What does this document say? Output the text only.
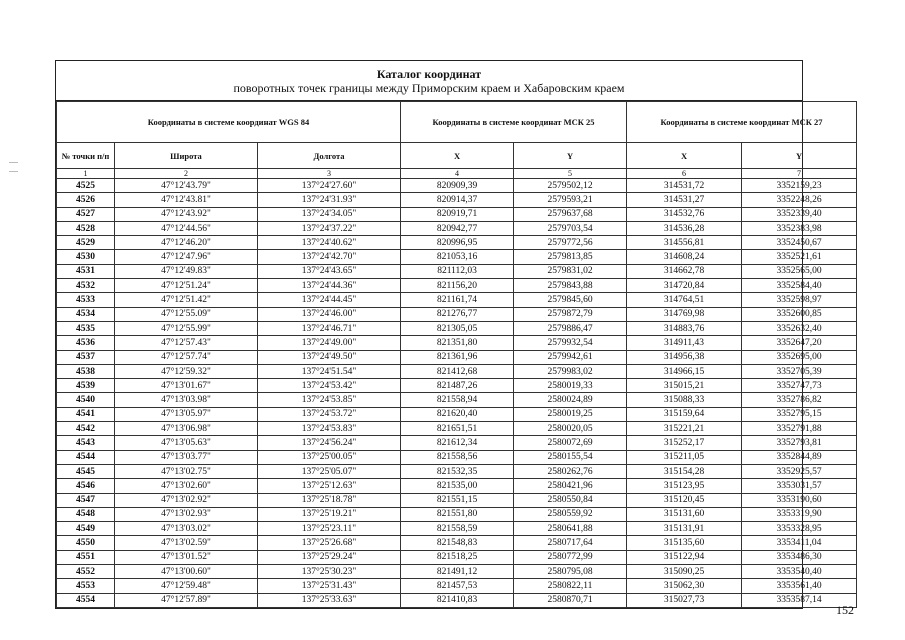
Каталог координат
поворотных точек границы между Приморским краем и Хабаровским краем
Координаты в системе координат WGS 84			Координаты в системе координат МСК 25		Координаты в системе координат МСК 27	
№ точки п/п	Широта	Долгота	X	Y	X	Y
1	2	3	4	5	6	7
4525	47°12'43.79"	137°24'27.60"	820909,39	2579502,12	314531,72	3352159,23
4526	47°12'43.81"	137°24'31.93"	820914,37	2579593,21	314531,27	3352248,26
4527	47°12'43.92"	137°24'34.05"	820919,71	2579637,68	314532,76	3352339,40
4528	47°12'44.56"	137°24'37.22"	820942,77	2579703,54	314536,28	3352383,98
4529	47°12'46.20"	137°24'40.62"	820996,95	2579772,56	314556,81	3352450,67
4530	47°12'47.96"	137°24'42.70"	821053,16	2579813,85	314608,24	3352521,61
4531	47°12'49.83"	137°24'43.65"	821112,03	2579831,02	314662,78	3352565,00
4532	47°12'51.24"	137°24'44.36"	821156,20	2579843,88	314720,84	3352584,40
4533	47°12'51.42"	137°24'44.45"	821161,74	2579845,60	314764,51	3352598,97
4534	47°12'55.09"	137°24'46.00"	821276,77	2579872,79	314769,98	3352600,85
4535	47°12'55.99"	137°24'46.71"	821305,05	2579886,47	314883,76	3352632,40
4536	47°12'57.43"	137°24'49.00"	821351,80	2579932,54	314911,43	3352647,20
4537	47°12'57.74"	137°24'49.50"	821361,96	2579942,61	314956,38	3352695,00
4538	47°12'59.32"	137°24'51.54"	821412,68	2579983,02	314966,15	3352705,39
4539	47°13'01.67"	137°24'53.42"	821487,26	2580019,33	315015,21	3352747,73
4540	47°13'03.98"	137°24'53.85"	821558,94	2580024,89	315088,33	3352786,82
4541	47°13'05.97"	137°24'53.72"	821620,40	2580019,25	315159,64	3352795,15
4542	47°13'06.98"	137°24'53.83"	821651,51	2580020,05	315221,21	3352791,88
4543	47°13'05.63"	137°24'56.24"	821612,34	2580072,69	315252,17	3352793,81
4544	47°13'03.77"	137°25'00.05"	821558,56	2580155,54	315211,05	3352844,89
4545	47°13'02.75"	137°25'05.07"	821532,35	2580262,76	315154,28	3352925,57
4546	47°13'02.60"	137°25'12.63"	821535,00	2580421,96	315123,95	3353031,57
4547	47°13'02.92"	137°25'18.78"	821551,15	2580550,84	315120,45	3353190,60
4548	47°13'02.93"	137°25'19.21"	821551,80	2580559,92	315131,60	3353319,90
4549	47°13'03.02"	137°25'23.11"	821558,59	2580641,88	315131,91	3353328,95
4550	47°13'02.59"	137°25'26.68"	821548,83	2580717,64	315135,60	3353411,04
4551	47°13'01.52"	137°25'29.24"	821518,25	2580772,99	315122,94	3353486,30
4552	47°13'00.60"	137°25'30.23"	821491,12	2580795,08	315090,25	3353540,40
4553	47°12'59.48"	137°25'31.43"	821457,53	2580822,11	315062,30	3353561,40
4554	47°12'57.89"	137°25'33.63"	821410,83	2580870,71	315027,73	3353587,14
152
